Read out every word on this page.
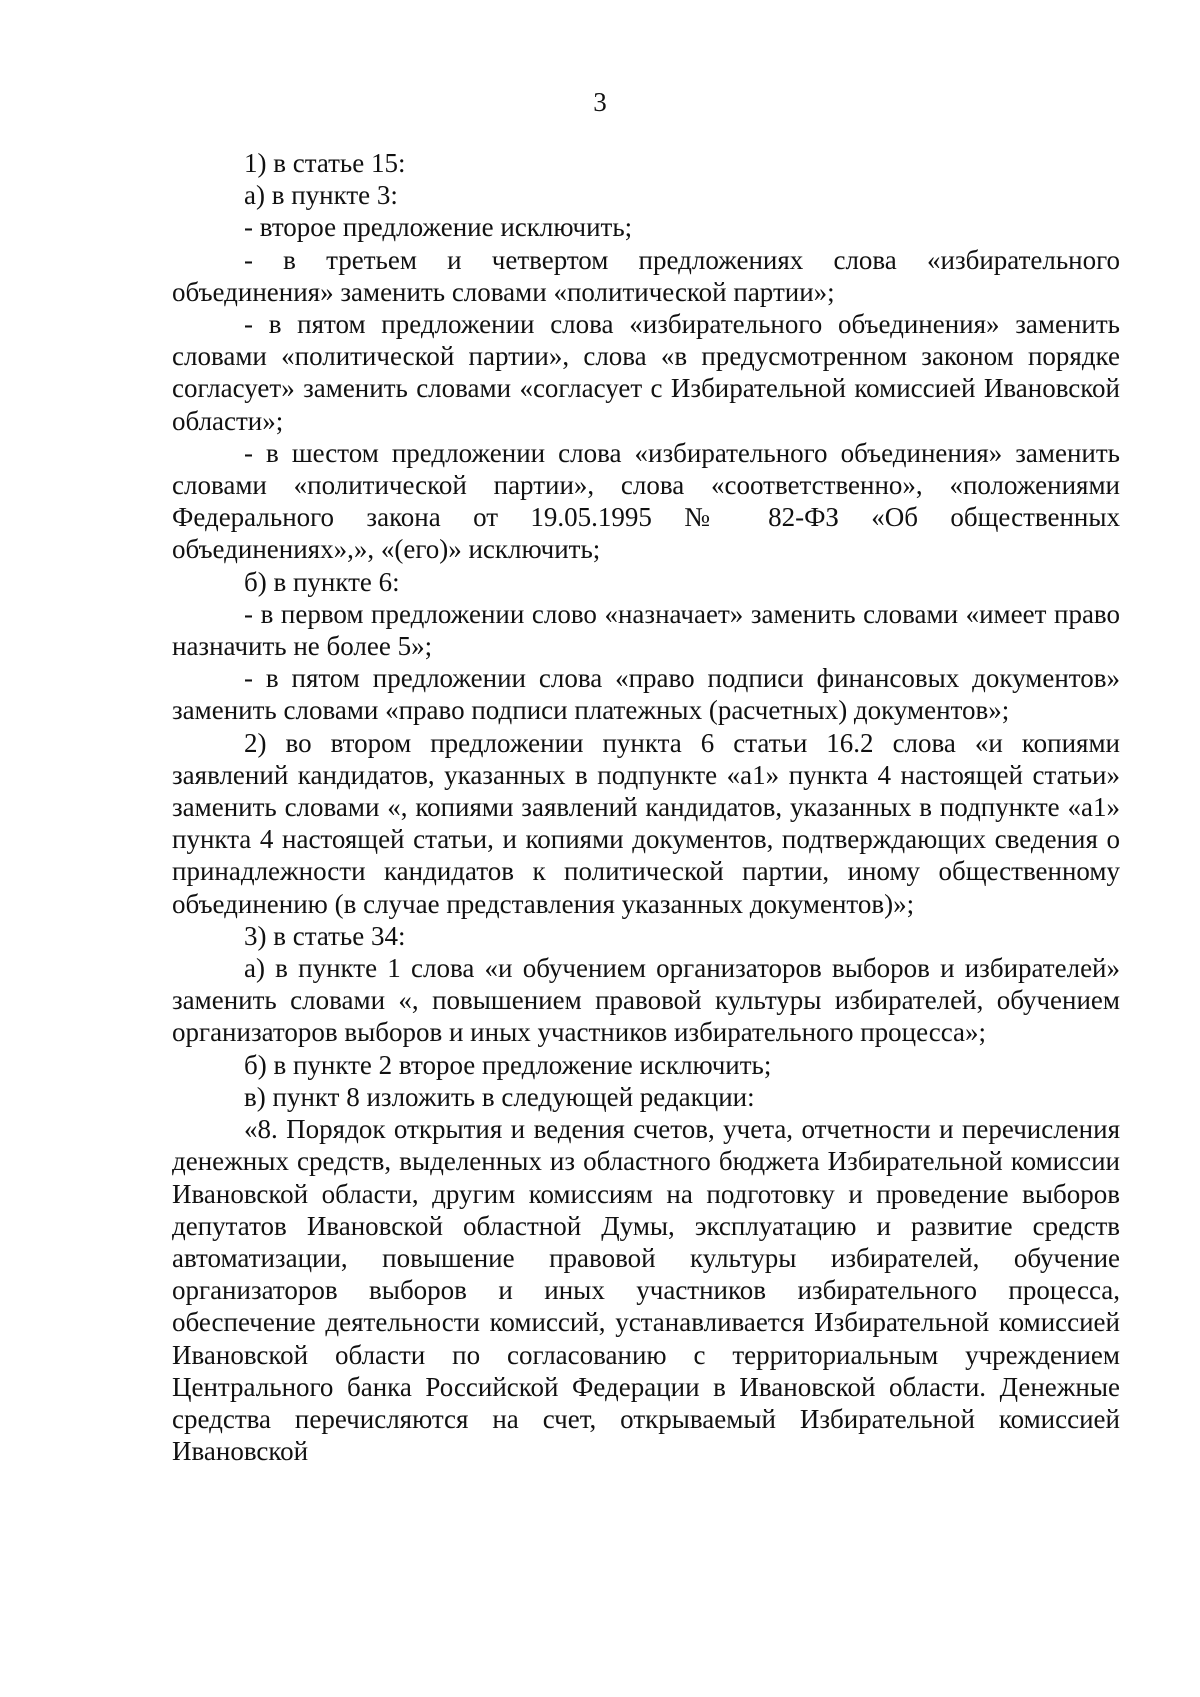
3

1) в статье 15:

а) в пункте 3:

- второе предложение исключить;

- в третьем и четвертом предложениях слова «избирательного объединения» заменить словами «политической партии»;

- в пятом предложении слова «избирательного объединения» заменить словами «политической партии», слова «в предусмотренном законом порядке согласует» заменить словами «согласует с Избирательной комиссией Ивановской области»;

- в шестом предложении слова «избирательного объединения» заменить словами «политической партии», слова «соответственно», «положениями Федерального закона от 19.05.1995 № 82-ФЗ «Об общественных объединениях»,», «(его)» исключить;

б) в пункте 6:

- в первом предложении слово «назначает» заменить словами «имеет право назначить не более 5»;

- в пятом предложении слова «право подписи финансовых документов» заменить словами «право подписи платежных (расчетных) документов»;

2) во втором предложении пункта 6 статьи 16.2 слова «и копиями заявлений кандидатов, указанных в подпункте «а1» пункта 4 настоящей статьи» заменить словами «, копиями заявлений кандидатов, указанных в подпункте «а1» пункта 4 настоящей статьи, и копиями документов, подтверждающих сведения о принадлежности кандидатов к политической партии, иному общественному объединению (в случае представления указанных документов)»;

3) в статье 34:

а) в пункте 1 слова «и обучением организаторов выборов и избирателей» заменить словами «, повышением правовой культуры избирателей, обучением организаторов выборов и иных участников избирательного процесса»;

б) в пункте 2 второе предложение исключить;

в) пункт 8 изложить в следующей редакции:

«8. Порядок открытия и ведения счетов, учета, отчетности и перечисления денежных средств, выделенных из областного бюджета Избирательной комиссии Ивановской области, другим комиссиям на подготовку и проведение выборов депутатов Ивановской областной Думы, эксплуатацию и развитие средств автоматизации, повышение правовой культуры избирателей, обучение организаторов выборов и иных участников избирательного процесса, обеспечение деятельности комиссий, устанавливается Избирательной комиссией Ивановской области по согласованию с территориальным учреждением Центрального банка Российской Федерации в Ивановской области. Денежные средства перечисляются на счет, открываемый Избирательной комиссией Ивановской
